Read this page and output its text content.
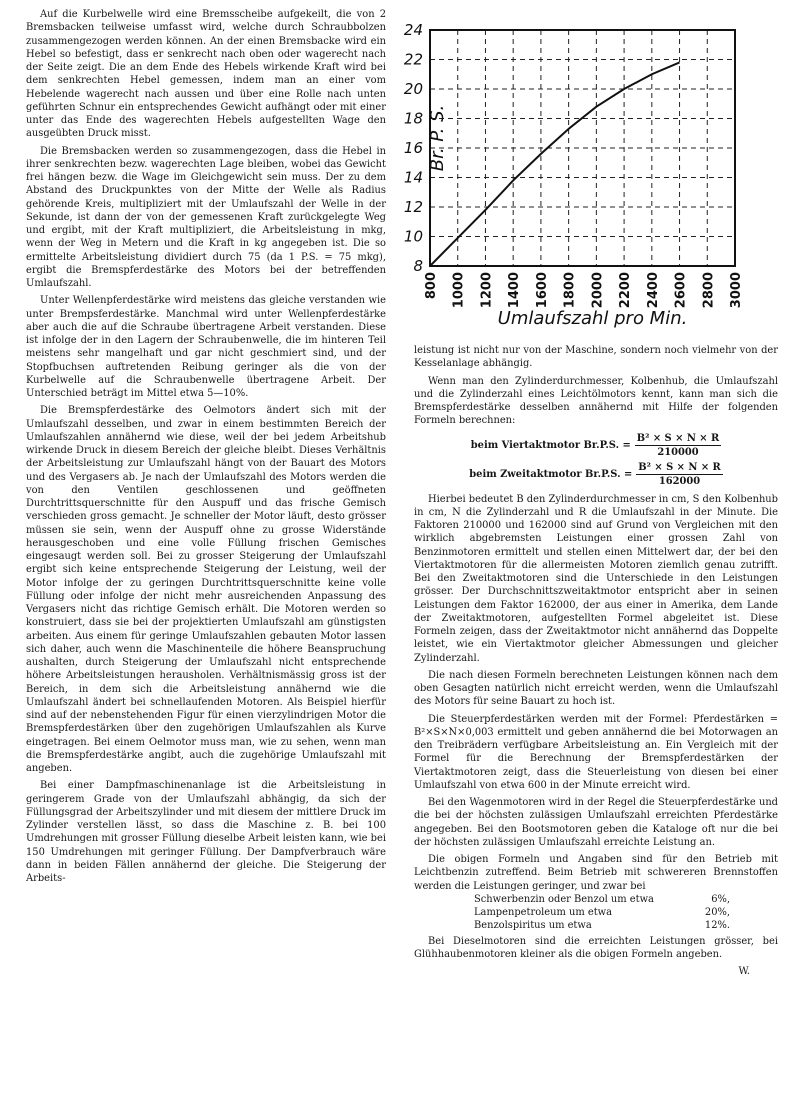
8
10
12
14
16
18
20
22
24
800 1000 1200 1400 1600 1800 2000 2200 2400 2600 2800 3000
Br. P. S.
Umlaufszahl pro Min.

Auf die Kurbelwelle wird eine Bremsscheibe aufgekeilt, die von 2 Bremsbacken teilweise umfasst wird, welche durch Schraubbolzen zusammengezogen werden können. An der einen Bremsbacke wird ein Hebel so befestigt, dass er senkrecht nach oben oder wagerecht nach der Seite zeigt. Die an dem Ende des Hebels wirkende Kraft wird bei dem senkrechten Hebel gemessen, indem man an einer vom Hebelende wagerecht nach aussen und über eine Rolle nach unten geführten Schnur ein entsprechendes Gewicht aufhängt oder mit einer unter das Ende des wagerechten Hebels aufgestellten Wage den ausgeübten Druck misst.

Die Bremsbacken werden so zusammengezogen, dass die Hebel in ihrer senkrechten bezw. wagerechten Lage bleiben, wobei das Gewicht frei hängen bezw. die Wage im Gleichgewicht sein muss. Der zu dem Abstand des Druckpunktes von der Mitte der Welle als Radius gehörende Kreis, multipliziert mit der Umlaufszahl der Welle in der Sekunde, ist dann der von der gemessenen Kraft zurückgelegte Weg und ergibt, mit der Kraft multipliziert, die Arbeitsleistung in mkg, wenn der Weg in Metern und die Kraft in kg angegeben ist. Die so ermittelte Arbeitsleistung dividiert durch 75 (da 1 P.S. = 75 mkg), ergibt die Bremspferdestärke des Motors bei der betreffenden Umlaufszahl.

Unter Wellenpferdestärke wird meistens das gleiche verstanden wie unter Brempsferdestärke. Manchmal wird unter Wellenpferdestärke aber auch die auf die Schraube übertragene Arbeit verstanden. Diese ist infolge der in den Lagern der Schraubenwelle, die im hinteren Teil meistens sehr mangelhaft und gar nicht geschmiert sind, und der Stopfbuchsen auftretenden Reibung geringer als die von der Kurbelwelle auf die Schraubenwelle übertragene Arbeit. Der Unterschied beträgt im Mittel etwa 5—10%.

Die Bremspferdestärke des Oelmotors ändert sich mit der Umlaufszahl desselben, und zwar in einem bestimmten Bereich der Umlaufszahlen annähernd wie diese, weil der bei jedem Arbeitshub wirkende Druck in diesem Bereich der gleiche bleibt. Dieses Verhältnis der Arbeitsleistung zur Umlaufszahl hängt von der Bauart des Motors und des Vergasers ab. Je nach der Umlaufszahl des Motors werden die von den Ventilen geschlossenen und geöffneten Durchtrittsquerschnitte für den Auspuff und das frische Gemisch verschieden gross gemacht. Je schneller der Motor läuft, desto grösser müssen sie sein, wenn der Auspuff ohne zu grosse Widerstände herausgeschoben und eine volle Füllung frischen Gemisches eingesaugt werden soll. Bei zu grosser Steigerung der Umlaufszahl ergibt sich keine entsprechende Steigerung der Leistung, weil der Motor infolge der zu geringen Durchtrittsquerschnitte keine volle Füllung oder infolge der nicht mehr ausreichenden Anpassung des Vergasers nicht das richtige Gemisch erhält. Die Motoren werden so konstruiert, dass sie bei der projektierten Umlaufszahl am günstigsten arbeiten. Aus einem für geringe Umlaufszahlen gebauten Motor lassen sich daher, auch wenn die Maschinenteile die höhere Beanspruchung aushalten, durch Steigerung der Umlaufszahl nicht entsprechende höhere Arbeitsleistungen herausholen. Verhältnismässig gross ist der Bereich, in dem sich die Arbeitsleistung annähernd wie die Umlaufszahl ändert bei schnellaufenden Motoren. Als Beispiel hierfür sind auf der nebenstehenden Figur für einen vierzylindrigen Motor die Bremspferdestärken über den zugehörigen Umlaufszahlen als Kurve eingetragen. Bei einem Oelmotor muss man, wie zu sehen, wenn man die Bremspferdestärke angibt, auch die zugehörige Umlaufszahl mit angeben.

Bei einer Dampfmaschinenanlage ist die Arbeitsleistung in geringerem Grade von der Umlaufszahl abhängig, da sich der Füllungsgrad der Arbeitszylinder und mit diesem der mittlere Druck im Zylinder verstellen lässt, so dass die Maschine z. B. bei 100 Umdrehungen mit grosser Füllung dieselbe Arbeit leisten kann, wie bei 150 Umdrehungen mit geringer Füllung. Der Dampfverbrauch wäre dann in beiden Fällen annähernd der gleiche. Die Steigerung der Arbeits-

leistung ist nicht nur von der Maschine, sondern noch vielmehr von der Kesselanlage abhängig.

Wenn man den Zylinderdurchmesser, Kolbenhub, die Umlaufszahl und die Zylinderzahl eines Leichtölmotors kennt, kann man sich die Bremspferdestärke desselben annähernd mit Hilfe der folgenden Formeln berechnen:

beim Viertaktmotor Br.P.S. = $\frac{\text{B² × S × N × R}}{210000}$
beim Zweitaktmotor Br.P.S. = $\frac{\text{B² × S × N × R}}{162000}$

Hierbei bedeutet B den Zylinderdurchmesser in cm, S den Kolbenhub in cm, N die Zylinderzahl und R die Umlaufszahl in der Minute. Die Faktoren 210000 und 162000 sind auf Grund von Vergleichen mit den wirklich abgebremsten Leistungen einer grossen Zahl von Benzinmotoren ermittelt und stellen einen Mittelwert dar, der bei den Viertaktmotoren für die allermeisten Motoren ziemlich genau zutrifft. Bei den Zweitaktmotoren sind die Unterschiede in den Leistungen grösser. Der Durchschnittszweitaktmotor entspricht aber in seinen Leistungen dem Faktor 162000, der aus einer in Amerika, dem Lande der Zweitaktmotoren, aufgestellten Formel abgeleitet ist. Diese Formeln zeigen, dass der Zweitaktmotor nicht annähernd das Doppelte leistet, wie ein Viertaktmotor gleicher Abmessungen und gleicher Zylinderzahl.

Die nach diesen Formeln berechneten Leistungen können nach dem oben Gesagten natürlich nicht erreicht werden, wenn die Umlaufszahl des Motors für seine Bauart zu hoch ist.

Die Steuerpferdestärken werden mit der Formel: Pferdestärken = B²×S×N×0,003 ermittelt und geben annähernd die bei Motorwagen an den Treibrädern verfügbare Arbeitsleistung an. Ein Vergleich mit der Formel für die Berechnung der Bremspferdestärken der Viertaktmotoren zeigt, dass die Steuerleistung von diesen bei einer Umlaufszahl von etwa 600 in der Minute erreicht wird.

Bei den Wagenmotoren wird in der Regel die Steuerpferdestärke und die bei der höchsten zulässigen Umlaufszahl erreichten Pferdestärke angegeben. Bei den Bootsmotoren geben die Kataloge oft nur die bei der höchsten zulässigen Umlaufszahl erreichte Leistung an.

Die obigen Formeln und Angaben sind für den Betrieb mit Leichtbenzin zutreffend. Beim Betrieb mit schwereren Brennstoffen werden die Leistungen geringer, und zwar bei

Schwerbenzin oder Benzol um etwa	6%,
Lampenpetroleum um etwa	20%,
Benzolspiritus um etwa	12%.

Bei Dieselmotoren sind die erreichten Leistungen grösser, bei Glühhaubenmotoren kleiner als die obigen Formeln angeben.

W.
